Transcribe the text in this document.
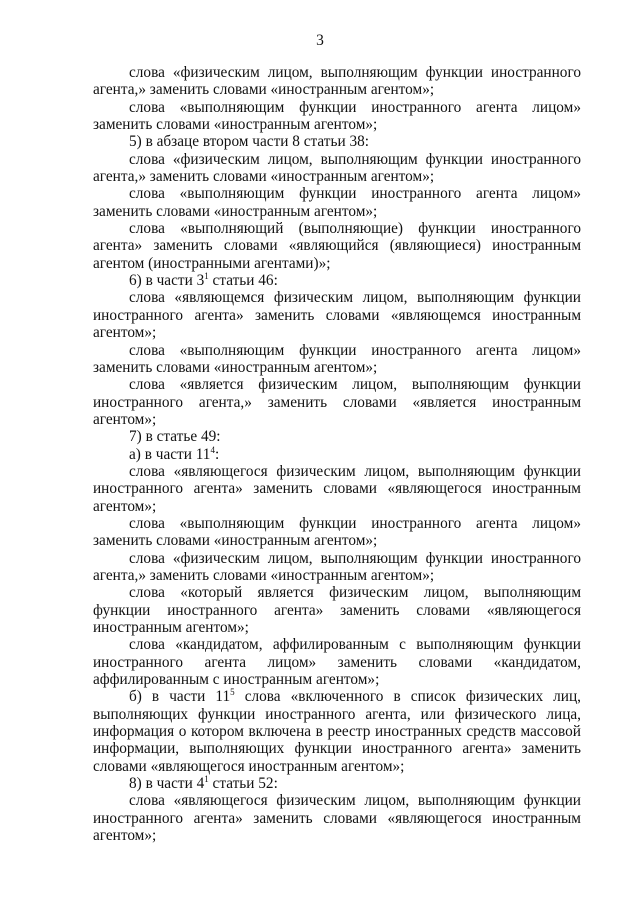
3

слова «физическим лицом, выполняющим функции иностранного агента,» заменить словами «иностранным агентом»;

слова «выполняющим функции иностранного агента лицом» заменить словами «иностранным агентом»;

5) в абзаце втором части 8 статьи 38:

слова «физическим лицом, выполняющим функции иностранного агента,» заменить словами «иностранным агентом»;

слова «выполняющим функции иностранного агента лицом» заменить словами «иностранным агентом»;

слова «выполняющий (выполняющие) функции иностранного агента» заменить словами «являющийся (являющиеся) иностранным агентом (иностранными агентами)»;

6) в части $3^1$ статьи 46:

слова «являющемся физическим лицом, выполняющим функции иностранного агента» заменить словами «являющемся иностранным агентом»;

слова «выполняющим функции иностранного агента лицом» заменить словами «иностранным агентом»;

слова «является физическим лицом, выполняющим функции иностранного агента,» заменить словами «является иностранным агентом»;

7) в статье 49:

а) в части $11^4$:

слова «являющегося физическим лицом, выполняющим функции иностранного агента» заменить словами «являющегося иностранным агентом»;

слова «выполняющим функции иностранного агента лицом» заменить словами «иностранным агентом»;

слова «физическим лицом, выполняющим функции иностранного агента,» заменить словами «иностранным агентом»;

слова «который является физическим лицом, выполняющим функции иностранного агента» заменить словами «являющегося иностранным агентом»;

слова «кандидатом, аффилированным с выполняющим функции иностранного агента лицом» заменить словами «кандидатом, аффилированным с иностранным агентом»;

б) в части $11^5$ слова «включенного в список физических лиц, выполняющих функции иностранного агента, или физического лица, информация о котором включена в реестр иностранных средств массовой информации, выполняющих функции иностранного агента» заменить словами «являющегося иностранным агентом»;

8) в части $4^1$ статьи 52:

слова «являющегося физическим лицом, выполняющим функции иностранного агента» заменить словами «являющегося иностранным агентом»;
